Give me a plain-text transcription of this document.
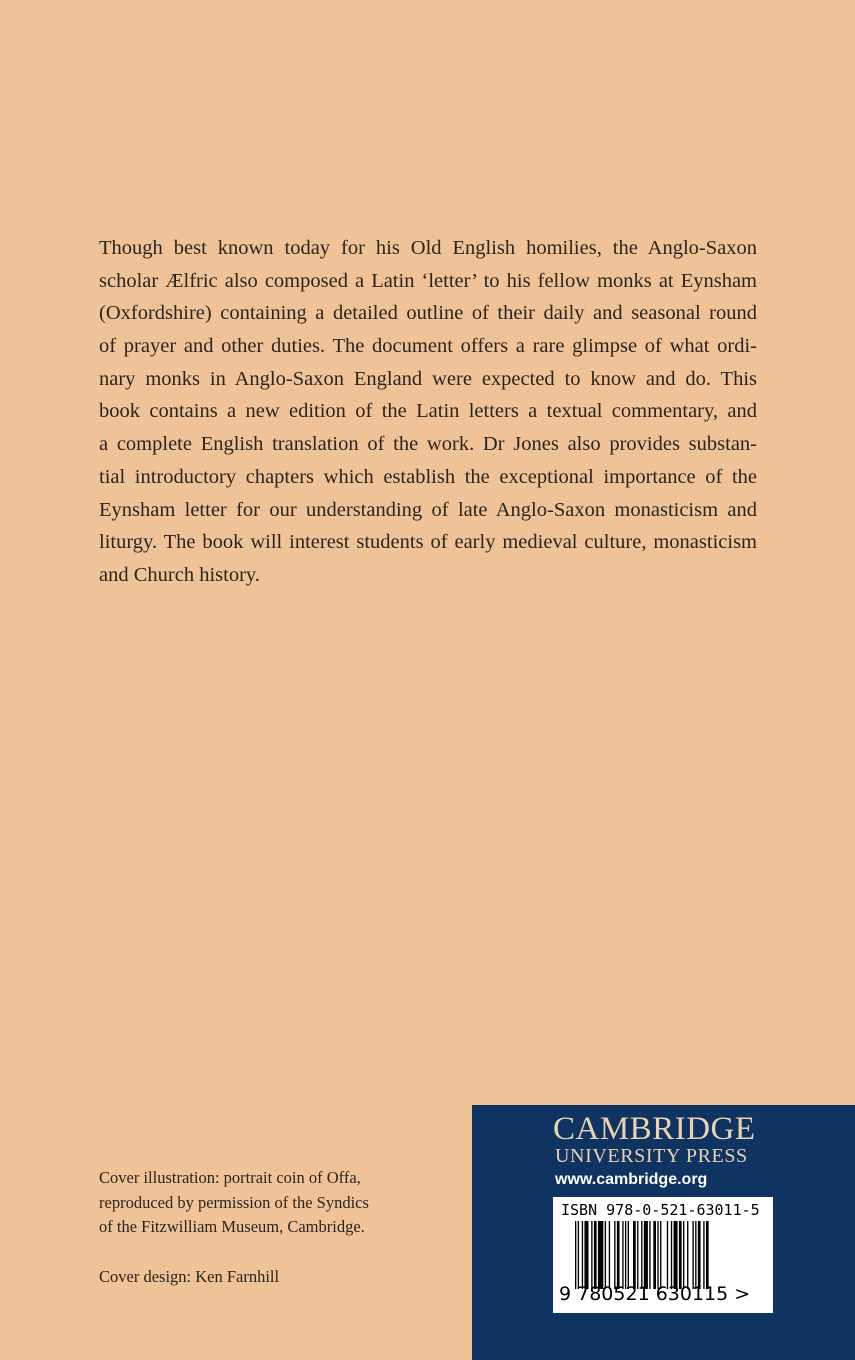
Though best known today for his Old English homilies, the Anglo-Saxon
scholar Ælfric also composed a Latin ‘letter’ to his fellow monks at Eynsham
(Oxfordshire) containing a detailed outline of their daily and seasonal round
of prayer and other duties. The document offers a rare glimpse of what ordi-
nary monks in Anglo-Saxon England were expected to know and do. This
book contains a new edition of the Latin letters a textual commentary, and
a complete English translation of the work. Dr Jones also provides substan-
tial introductory chapters which establish the exceptional importance of the
Eynsham letter for our understanding of late Anglo-Saxon monasticism and
liturgy. The book will interest students of early medieval culture, monasticism
and Church history.
Cover illustration: portrait coin of Offa,
reproduced by permission of the Syndics
of the Fitzwilliam Museum, Cambridge.
Cover design: Ken Farnhill
CAMBRIDGE
UNIVERSITY PRESS
www.cambridge.org
ISBN 978-0-521-63011-5
9 780521 630115 >
